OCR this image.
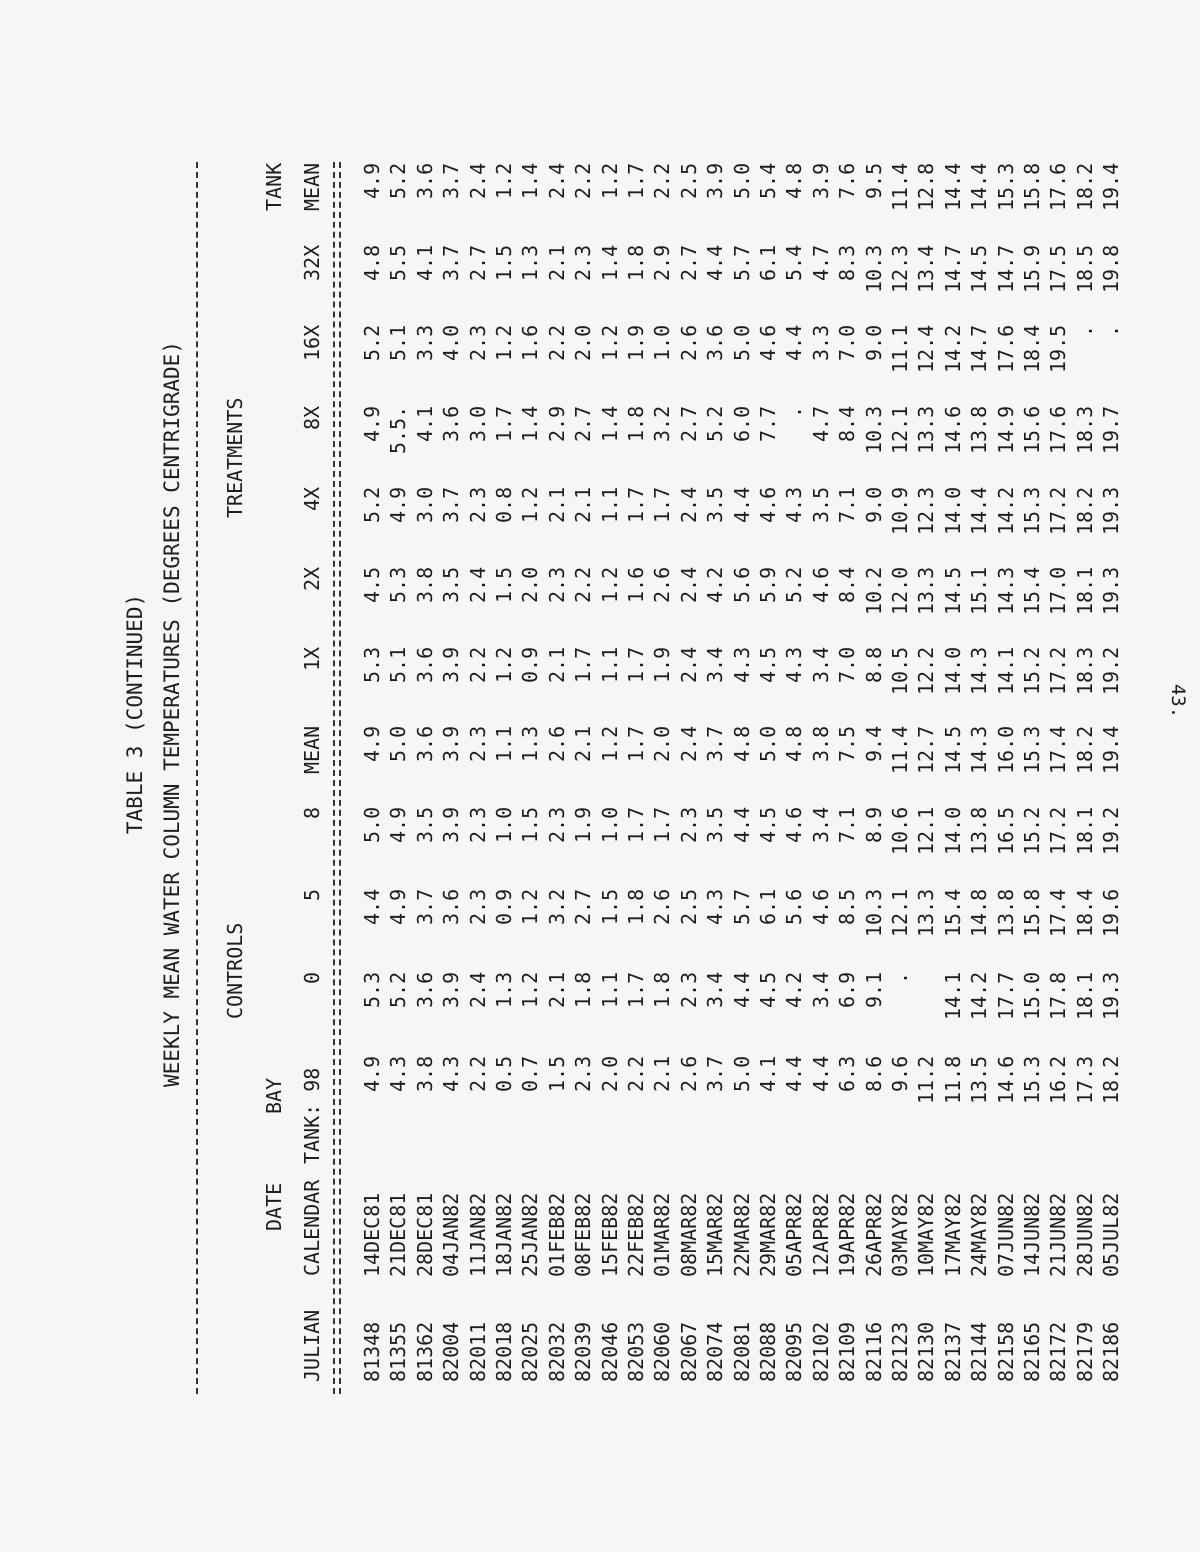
43.
TABLE 3 (CONTINUED) WEEKLY MEAN WATER COLUMN TEMPERATURES (DEGREES CENTRIGRADE) CONTROLS
TREATMENTS
DATE
BAY
TANK
JULIAN
CALENDAR
TANK: 98
0
5
8
MEAN
1X
2X
4X
8X
16X
32X
MEAN
81348
14DEC81
4.9
5.3
4.4
5.0
4.9
5.3
4.5
5.2
4.9
5.2
4.8
4.9
81355
21DEC81
4.3
5.2
4.9
4.9
5.0
5.1
5.3
4.9
5.5.
5.1
5.5
5.2
81362
28DEC81
3.8
3.6
3.7
3.5
3.6
3.6
3.8
3.0
4.1
3.3
4.1
3.6
82004
04JAN82
4.3
3.9
3.6
3.9
3.9
3.9
3.5
3.7
3.6
4.0
3.7
3.7
82011
11JAN82
2.2
2.4
2.3
2.3
2.3
2.2
2.4
2.3
3.0
2.3
2.7
2.4
82018
18JAN82
0.5
1.3
0.9
1.0
1.1
1.2
1.5
0.8
1.7
1.2
1.5
1.2
82025
25JAN82
0.7
1.2
1.2
1.5
1.3
0.9
2.0
1.2
1.4
1.6
1.3
1.4
82032
01FEB82
1.5
2.1
3.2
2.3
2.6
2.1
2.3
2.1
2.9
2.2
2.1
2.4
82039
08FEB82
2.3
1.8
2.7
1.9
2.1
1.7
2.2
2.1
2.7
2.0
2.3
2.2
82046
15FEB82
2.0
1.1
1.5
1.0
1.2
1.1
1.2
1.1
1.4
1.2
1.4
1.2
82053
22FEB82
2.2
1.7
1.8
1.7
1.7
1.7
1.6
1.7
1.8
1.9
1.8
1.7
82060
01MAR82
2.1
1.8
2.6
1.7
2.0
1.9
2.6
1.7
3.2
1.0
2.9
2.2
82067
08MAR82
2.6
2.3
2.5
2.3
2.4
2.4
2.4
2.4
2.7
2.6
2.7
2.5
82074
15MAR82
3.7
3.4
4.3
3.5
3.7
3.4
4.2
3.5
5.2
3.6
4.4
3.9
82081
22MAR82
5.0
4.4
5.7
4.4
4.8
4.3
5.6
4.4
6.0
5.0
5.7
5.0
82088
29MAR82
4.1
4.5
6.1
4.5
5.0
4.5
5.9
4.6
7.7
4.6
6.1
5.4
82095
05APR82
4.4
4.2
5.6
4.6
4.8
4.3
5.2
4.3
.
4.4
5.4
4.8
82102
12APR82
4.4
3.4
4.6
3.4
3.8
3.4
4.6
3.5
4.7
3.3
4.7
3.9
82109
19APR82
6.3
6.9
8.5
7.1
7.5
7.0
8.4
7.1
8.4
7.0
8.3
7.6
82116
26APR82
8.6
9.1
10.3
8.9
9.4
8.8
10.2
9.0
10.3
9.0
10.3
9.5
82123
03MAY82
9.6
.
12.1
10.6
11.4
10.5
12.0
10.9
12.1
11.1
12.3
11.4
82130
10MAY82
11.2
13.3
12.1
12.7
12.2
13.3
12.3
13.3
12.4
13.4
12.8
82137
17MAY82
11.8
14.1
15.4
14.0
14.5
14.0
14.5
14.0
14.6
14.2
14.7
14.4
82144
24MAY82
13.5
14.2
14.8
13.8
14.3
14.3
15.1
14.4
13.8
14.7
14.5
14.4
82158
07JUN82
14.6
17.7
13.8
16.5
16.0
14.1
14.3
14.2
14.9
17.6
14.7
15.3
82165
14JUN82
15.3
15.0
15.8
15.2
15.3
15.2
15.4
15.3
15.6
18.4
15.9
15.8
82172
21JUN82
16.2
17.8
17.4
17.2
17.4
17.2
17.0
17.2
17.6
19.5
17.5
17.6
82179
28JUN82
17.3
18.1
18.4
18.1
18.2
18.3
18.1
18.2
18.3
.
18.5
18.2
82186
05JUL82
18.2
19.3
19.6
19.2
19.4
19.2
19.3
19.3
19.7
.
19.8
19.4
